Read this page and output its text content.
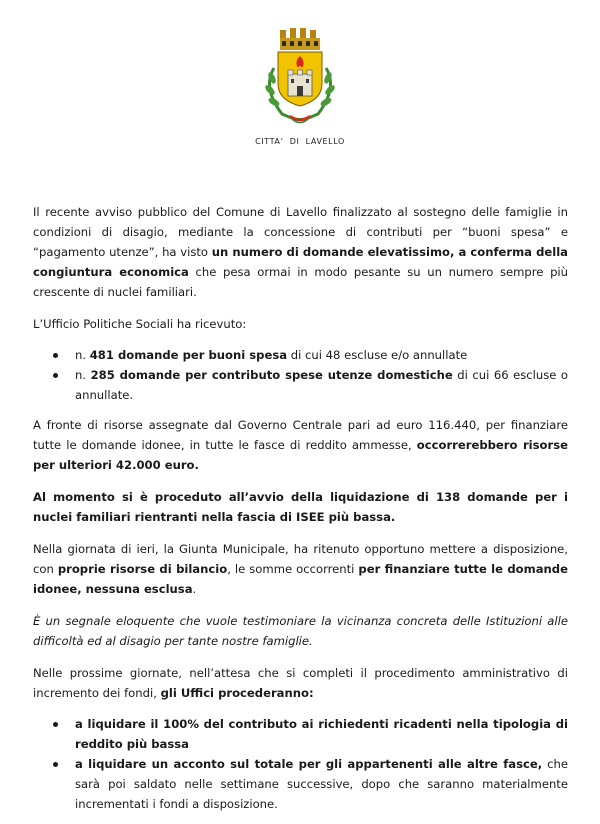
CITTA’ DI LAVELLO

Il recente avviso pubblico del Comune di Lavello finalizzato al sostegno delle famiglie in condizioni di disagio, mediante la concessione di contributi per “buoni spesa” e “pagamento utenze”, ha visto un numero di domande elevatissimo, a conferma della congiuntura economica che pesa ormai in modo pesante su un numero sempre più crescente di nuclei familiari.

L’Ufficio Politiche Sociali ha ricevuto:

n. 481 domande per buoni spesa di cui 48 escluse e/o annullate
n. 285 domande per contributo spese utenze domestiche di cui 66 escluse o annullate.

A fronte di risorse assegnate dal Governo Centrale pari ad euro 116.440, per finanziare tutte le domande idonee, in tutte le fasce di reddito ammesse, occorrerebbero risorse per ulteriori 42.000 euro.

Al momento si è proceduto all’avvio della liquidazione di 138 domande per i nuclei familiari rientranti nella fascia di ISEE più bassa.

Nella giornata di ieri, la Giunta Municipale, ha ritenuto opportuno mettere a disposizione, con proprie risorse di bilancio, le somme occorrenti per finanziare tutte le domande idonee, nessuna esclusa.

È un segnale eloquente che vuole testimoniare la vicinanza concreta delle Istituzioni alle difficoltà ed al disagio per tante nostre famiglie.

Nelle prossime giornate, nell’attesa che si completi il procedimento amministrativo di incremento dei fondi, gli Uffici procederanno:

a liquidare il 100% del contributo ai richiedenti ricadenti nella tipologia di reddito più bassa
a liquidare un acconto sul totale per gli appartenenti alle altre fasce, che sarà poi saldato nelle settimane successive, dopo che saranno materialmente incrementati i fondi a disposizione.
